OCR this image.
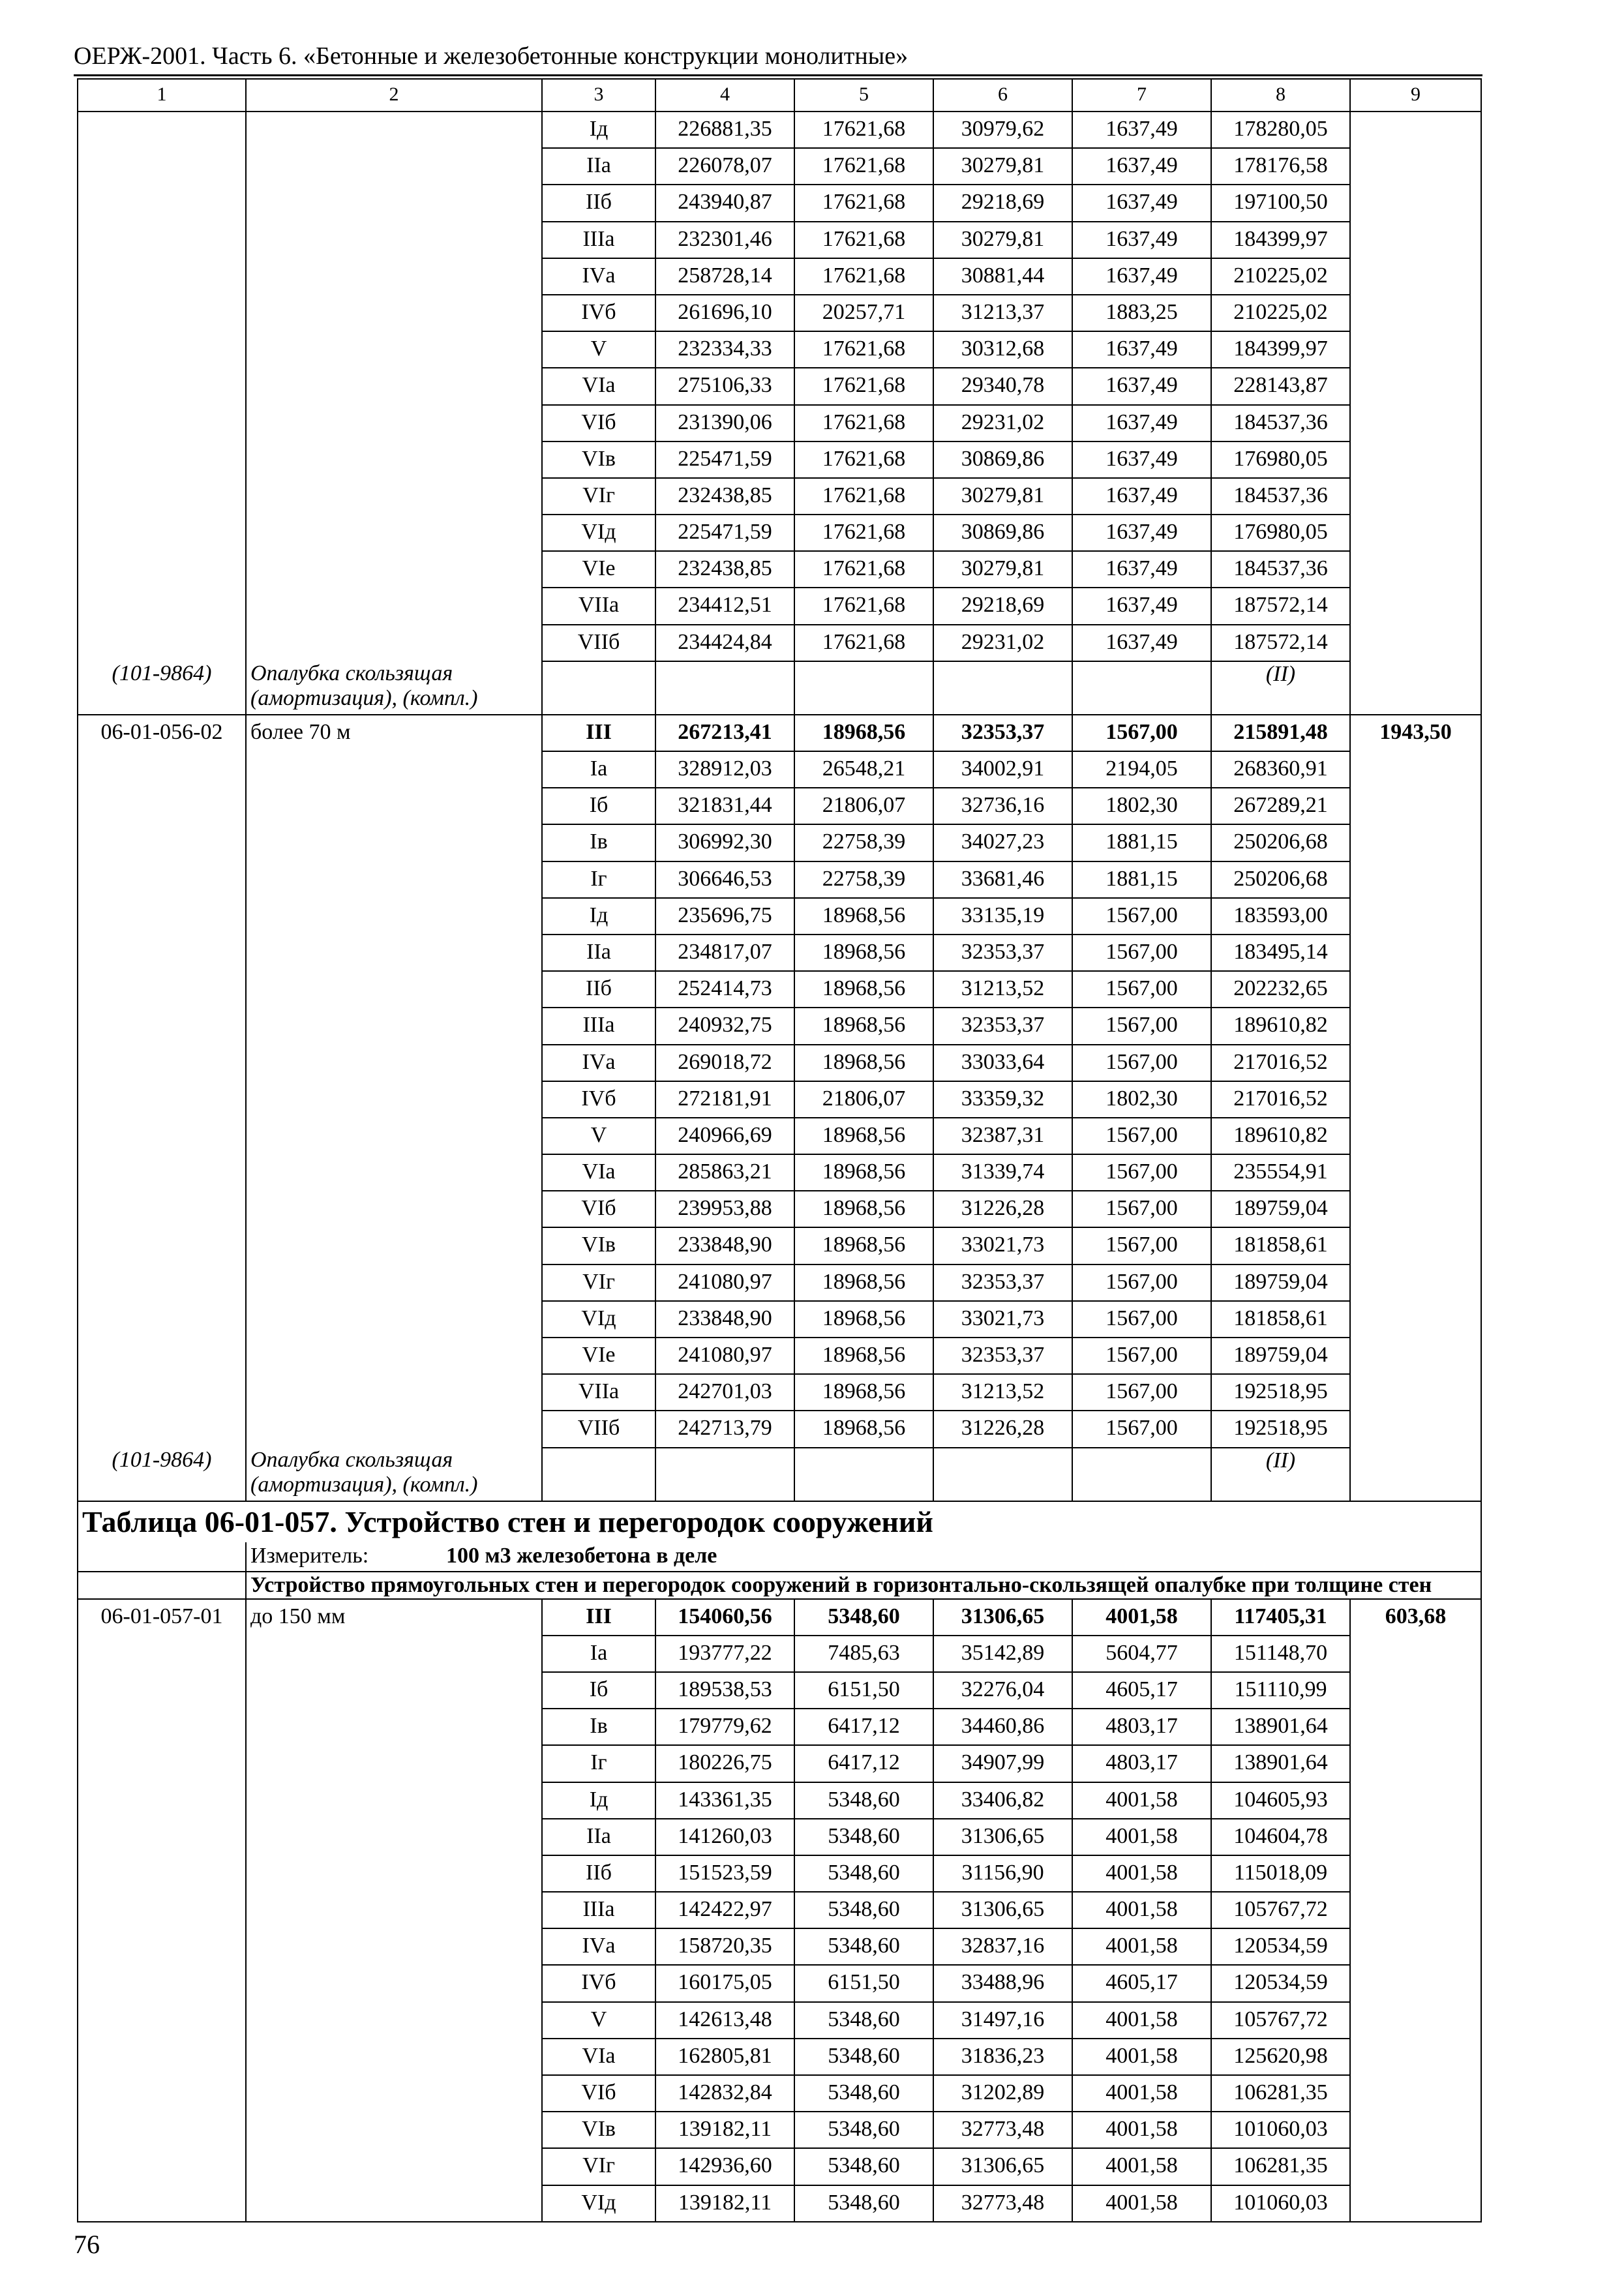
ОЕРЖ-2001. Часть 6. «Бетонные и железобетонные конструкции монолитные»
1	2	3	4	5	6	7	8	9
		Iд	226881,35	17621,68	30979,62	1637,49	178280,05	
		IIа	226078,07	17621,68	30279,81	1637,49	178176,58	
		IIб	243940,87	17621,68	29218,69	1637,49	197100,50	
		IIIа	232301,46	17621,68	30279,81	1637,49	184399,97	
		IVа	258728,14	17621,68	30881,44	1637,49	210225,02	
		IVб	261696,10	20257,71	31213,37	1883,25	210225,02	
		V	232334,33	17621,68	30312,68	1637,49	184399,97	
		VIа	275106,33	17621,68	29340,78	1637,49	228143,87	
		VIб	231390,06	17621,68	29231,02	1637,49	184537,36	
		VIв	225471,59	17621,68	30869,86	1637,49	176980,05	
		VIг	232438,85	17621,68	30279,81	1637,49	184537,36	
		VIд	225471,59	17621,68	30869,86	1637,49	176980,05	
		VIе	232438,85	17621,68	30279,81	1637,49	184537,36	
		VIIа	234412,51	17621,68	29218,69	1637,49	187572,14	
		VIIб	234424,84	17621,68	29231,02	1637,49	187572,14	
(101-9864)	Опалубка скользящая (амортизация), (компл.)						(II)	
06-01-056-02	более 70 м	III	267213,41	18968,56	32353,37	1567,00	215891,48	1943,50
		Iа	328912,03	26548,21	34002,91	2194,05	268360,91	
		Iб	321831,44	21806,07	32736,16	1802,30	267289,21	
		Iв	306992,30	22758,39	34027,23	1881,15	250206,68	
		Iг	306646,53	22758,39	33681,46	1881,15	250206,68	
		Iд	235696,75	18968,56	33135,19	1567,00	183593,00	
		IIа	234817,07	18968,56	32353,37	1567,00	183495,14	
		IIб	252414,73	18968,56	31213,52	1567,00	202232,65	
		IIIа	240932,75	18968,56	32353,37	1567,00	189610,82	
		IVа	269018,72	18968,56	33033,64	1567,00	217016,52	
		IVб	272181,91	21806,07	33359,32	1802,30	217016,52	
		V	240966,69	18968,56	32387,31	1567,00	189610,82	
		VIа	285863,21	18968,56	31339,74	1567,00	235554,91	
		VIб	239953,88	18968,56	31226,28	1567,00	189759,04	
		VIв	233848,90	18968,56	33021,73	1567,00	181858,61	
		VIг	241080,97	18968,56	32353,37	1567,00	189759,04	
		VIд	233848,90	18968,56	33021,73	1567,00	181858,61	
		VIе	241080,97	18968,56	32353,37	1567,00	189759,04	
		VIIа	242701,03	18968,56	31213,52	1567,00	192518,95	
		VIIб	242713,79	18968,56	31226,28	1567,00	192518,95	
(101-9864)	Опалубка скользящая (амортизация), (компл.)						(II)	
Таблица 06-01-057. Устройство стен и перегородок сооружений								
	Измеритель: 100 м3 железобетона в деле							
	Устройство прямоугольных стен и перегородок сооружений в горизонтально-скользящей опалубке при толщине стен							
06-01-057-01	до 150 мм	III	154060,56	5348,60	31306,65	4001,58	117405,31	603,68
		Iа	193777,22	7485,63	35142,89	5604,77	151148,70	
		Iб	189538,53	6151,50	32276,04	4605,17	151110,99	
		Iв	179779,62	6417,12	34460,86	4803,17	138901,64	
		Iг	180226,75	6417,12	34907,99	4803,17	138901,64	
		Iд	143361,35	5348,60	33406,82	4001,58	104605,93	
		IIа	141260,03	5348,60	31306,65	4001,58	104604,78	
		IIб	151523,59	5348,60	31156,90	4001,58	115018,09	
		IIIа	142422,97	5348,60	31306,65	4001,58	105767,72	
		IVа	158720,35	5348,60	32837,16	4001,58	120534,59	
		IVб	160175,05	6151,50	33488,96	4605,17	120534,59	
		V	142613,48	5348,60	31497,16	4001,58	105767,72	
		VIа	162805,81	5348,60	31836,23	4001,58	125620,98	
		VIб	142832,84	5348,60	31202,89	4001,58	106281,35	
		VIв	139182,11	5348,60	32773,48	4001,58	101060,03	
		VIг	142936,60	5348,60	31306,65	4001,58	106281,35	
		VIд	139182,11	5348,60	32773,48	4001,58	101060,03	
76
